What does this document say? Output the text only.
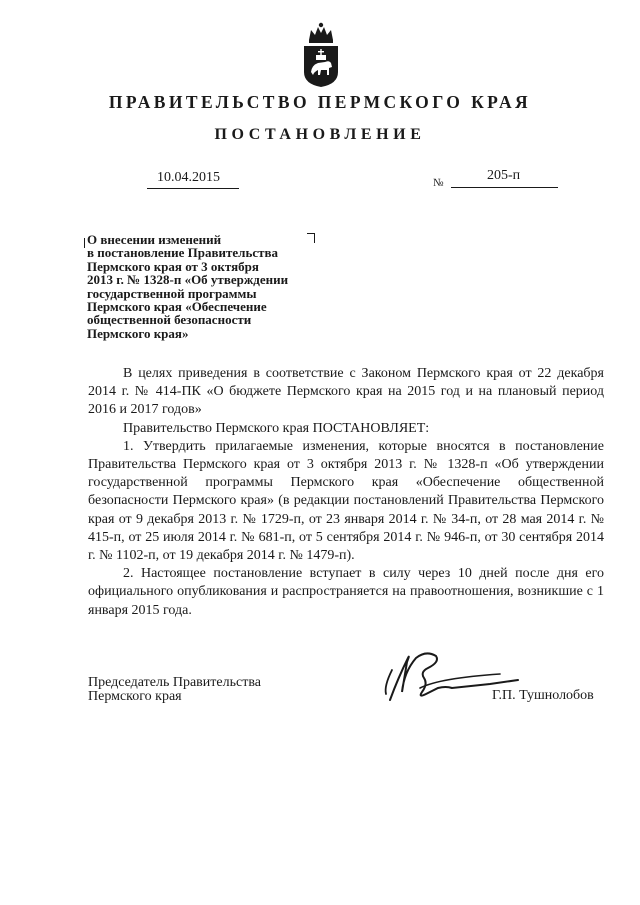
ПРАВИТЕЛЬСТВО ПЕРМСКОГО КРАЯ
ПОСТАНОВЛЕНИЕ
10.04.2015	№	205-п
О внесении изменений
в постановление Правительства
Пермского края от 3 октября
2013 г. № 1328-п «Об утверждении
государственной программы
Пермского края «Обеспечение
общественной безопасности
Пермского края»

В целях приведения в соответствие с Законом Пермского края от 22 декабря 2014 г. № 414-ПК «О бюджете Пермского края на 2015 год и на плановый период 2016 и 2017 годов»

Правительство Пермского края ПОСТАНОВЛЯЕТ:

1. Утвердить прилагаемые изменения, которые вносятся в постановление Правительства Пермского края от 3 октября 2013 г. № 1328-п «Об утверждении государственной программы Пермского края «Обеспечение общественной безопасности Пермского края» (в редакции постановлений Правительства Пермского края от 9 декабря 2013 г. № 1729-п, от 23 января 2014 г. № 34-п, от 28 мая 2014 г. № 415-п, от 25 июля 2014 г. № 681-п, от 5 сентября 2014 г. № 946-п, от 30 сентября 2014 г. № 1102-п, от 19 декабря 2014 г. № 1479-п).

2. Настоящее постановление вступает в силу через 10 дней после дня его официального опубликования и распространяется на правоотношения, возникшие с 1 января 2015 года.

Председатель Правительства
Пермского края	Г.П. Тушнолобов
